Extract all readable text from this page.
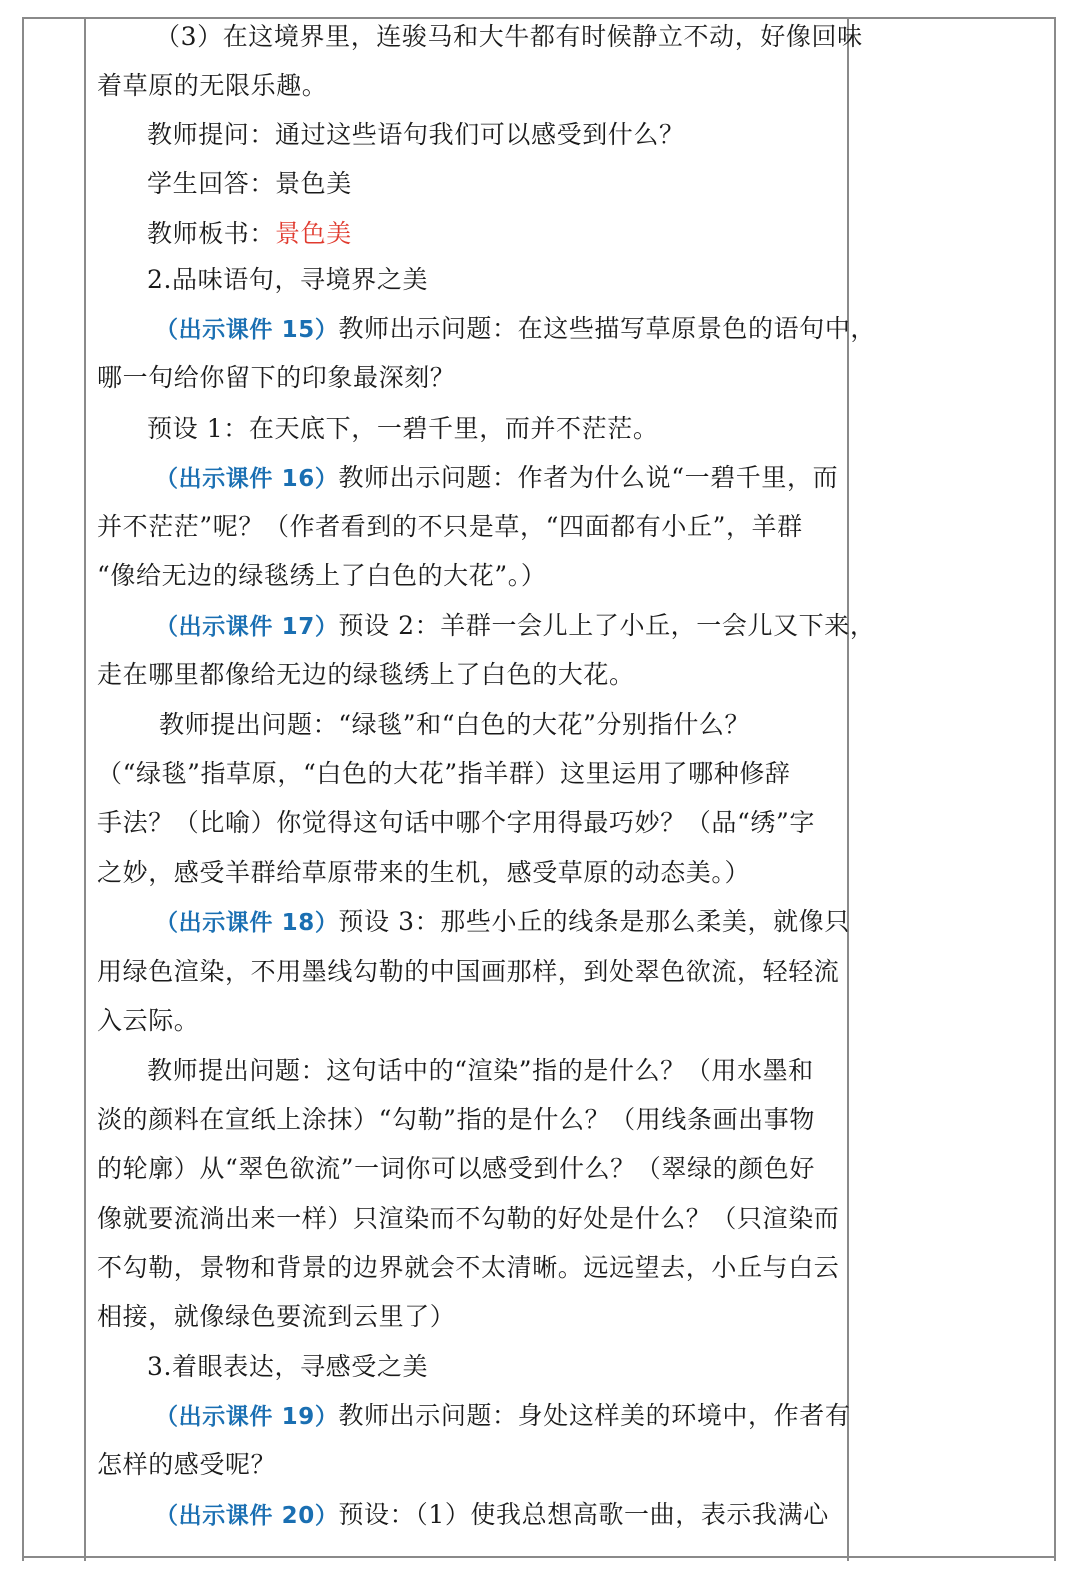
（3）在这境界里，连骏马和大牛都有时候静立不动，好像回味
着草原的无限乐趣。
教师提问：通过这些语句我们可以感受到什么？
学生回答：景色美
教师板书：景色美
2.品味语句，寻境界之美
（出示课件 15）教师出示问题：在这些描写草原景色的语句中，
哪一句给你留下的印象最深刻？
预设 1：在天底下，一碧千里，而并不茫茫。
（出示课件 16）教师出示问题：作者为什么说“一碧千里，而
并不茫茫”呢？（作者看到的不只是草，“四面都有小丘”，羊群
“像给无边的绿毯绣上了白色的大花”。）
（出示课件 17）预设 2：羊群一会儿上了小丘，一会儿又下来，
走在哪里都像给无边的绿毯绣上了白色的大花。
教师提出问题：“绿毯”和“白色的大花”分别指什么？
（“绿毯”指草原，“白色的大花”指羊群）这里运用了哪种修辞
手法？（比喻）你觉得这句话中哪个字用得最巧妙？（品“绣”字
之妙，感受羊群给草原带来的生机，感受草原的动态美。）
（出示课件 18）预设 3：那些小丘的线条是那么柔美，就像只
用绿色渲染，不用墨线勾勒的中国画那样，到处翠色欲流，轻轻流
入云际。
教师提出问题：这句话中的“渲染”指的是什么？（用水墨和
淡的颜料在宣纸上涂抹）“勾勒”指的是什么？（用线条画出事物
的轮廓）从“翠色欲流”一词你可以感受到什么？（翠绿的颜色好
像就要流淌出来一样）只渲染而不勾勒的好处是什么？（只渲染而
不勾勒，景物和背景的边界就会不太清晰。远远望去，小丘与白云
相接，就像绿色要流到云里了）
3.着眼表达，寻感受之美
（出示课件 19）教师出示问题：身处这样美的环境中，作者有
怎样的感受呢？
（出示课件 20）预设：（1）使我总想高歌一曲，表示我满心
